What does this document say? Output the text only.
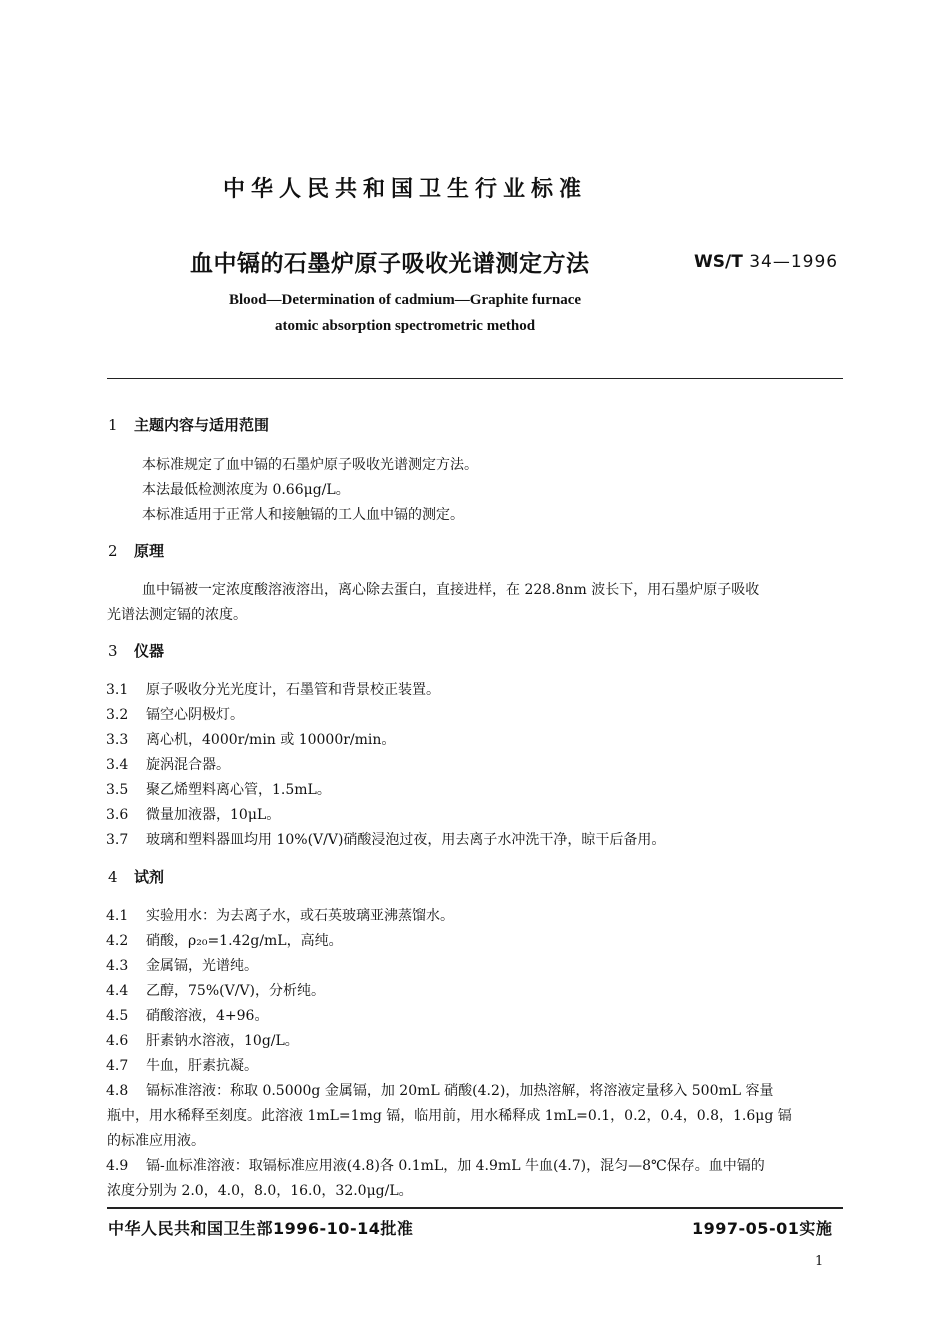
中华人民共和国卫生行业标准
血中镉的石墨炉原子吸收光谱测定方法	WS/T 34—1996
Blood—Determination of cadmium—Graphite furnace
atomic absorption spectrometric method
1 主题内容与适用范围
本标准规定了血中镉的石墨炉原子吸收光谱测定方法。
本法最低检测浓度为 0.66μg/L。
本标准适用于正常人和接触镉的工人血中镉的测定。
2 原理
血中镉被一定浓度酸溶液溶出，离心除去蛋白，直接进样，在 228.8nm 波长下，用石墨炉原子吸收
光谱法测定镉的浓度。
3 仪器
3.1 原子吸收分光光度计，石墨管和背景校正装置。
3.2 镉空心阴极灯。
3.3 离心机，4000r/min 或 10000r/min。
3.4 旋涡混合器。
3.5 聚乙烯塑料离心管，1.5mL。
3.6 微量加液器，10μL。
3.7 玻璃和塑料器皿均用 10%(V/V)硝酸浸泡过夜，用去离子水冲洗干净，晾干后备用。
4 试剂
4.1 实验用水：为去离子水，或石英玻璃亚沸蒸馏水。
4.2 硝酸，ρ₂₀=1.42g/mL，高纯。
4.3 金属镉，光谱纯。
4.4 乙醇，75%(V/V)，分析纯。
4.5 硝酸溶液，4+96。
4.6 肝素钠水溶液，10g/L。
4.7 牛血，肝素抗凝。
4.8 镉标准溶液：称取 0.5000g 金属镉，加 20mL 硝酸(4.2)，加热溶解，将溶液定量移入 500mL 容量
瓶中，用水稀释至刻度。此溶液 1mL=1mg 镉，临用前，用水稀释成 1mL=0.1，0.2，0.4，0.8，1.6μg 镉
的标准应用液。
4.9 镉-血标准溶液：取镉标准应用液(4.8)各 0.1mL，加 4.9mL 牛血(4.7)，混匀—8℃保存。血中镉的
浓度分别为 2.0，4.0，8.0，16.0，32.0μg/L。
中华人民共和国卫生部1996-10-14批准	1997-05-01实施
1
